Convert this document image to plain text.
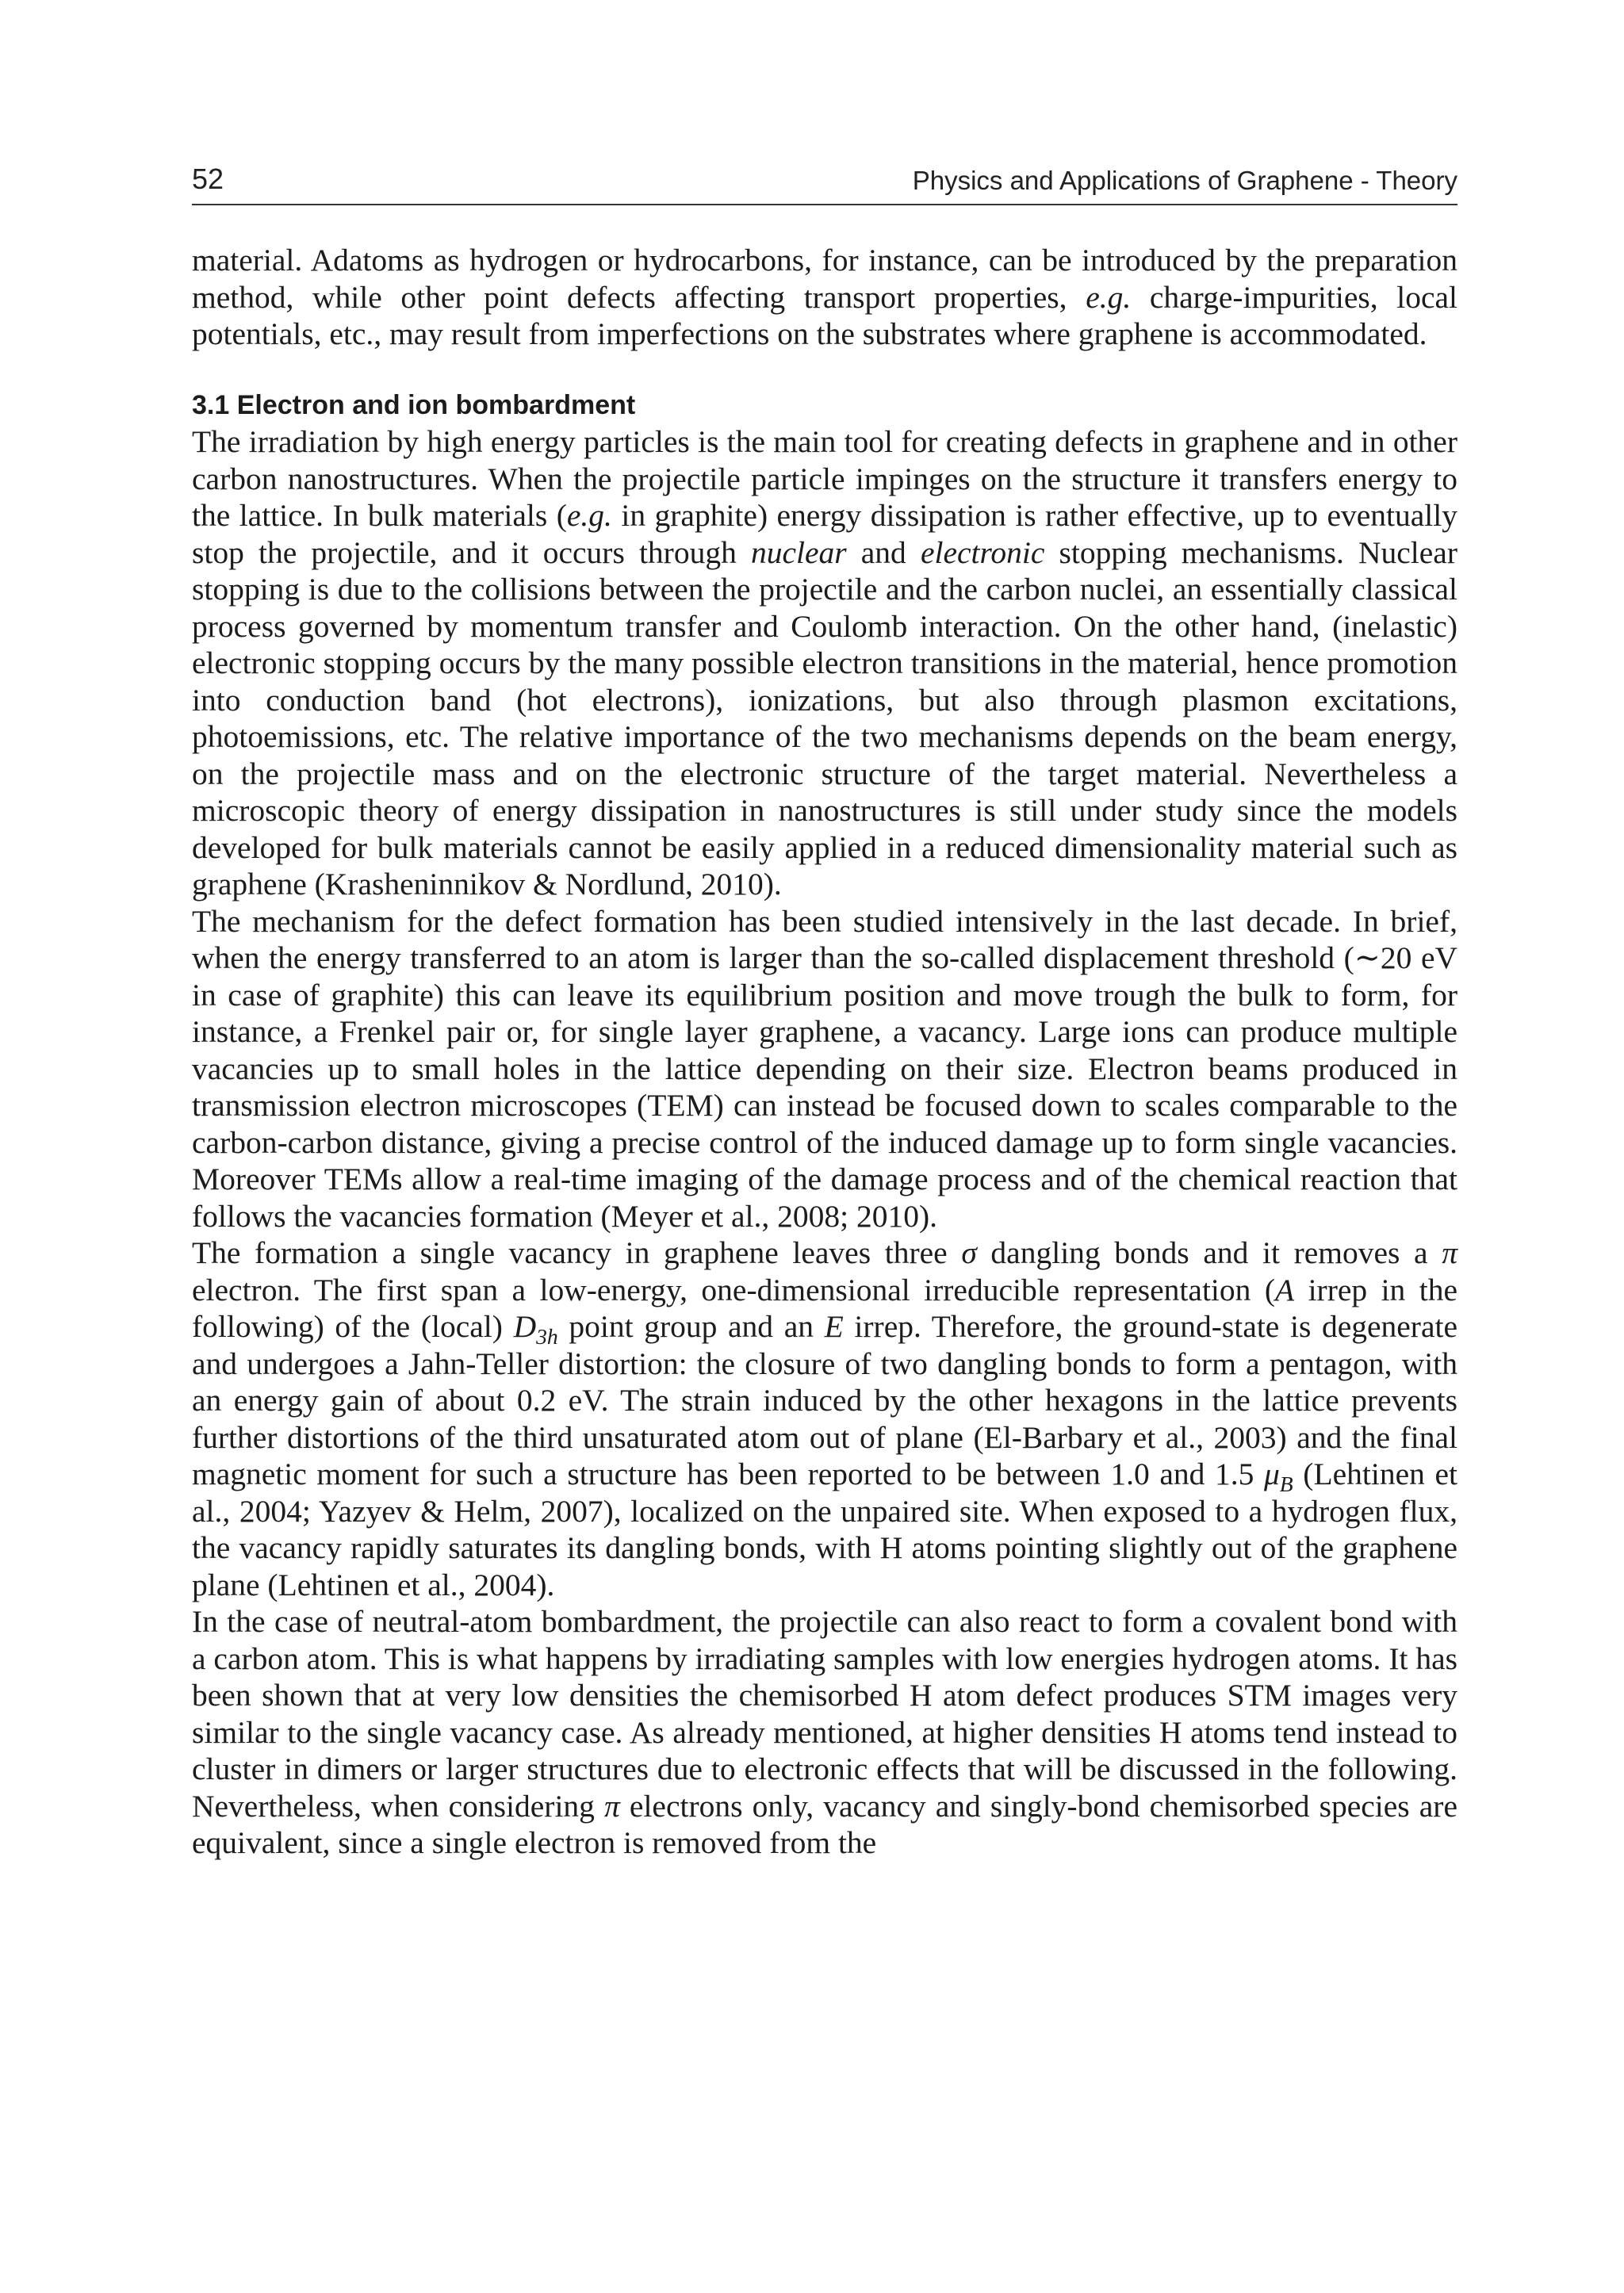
52	Physics and Applications of Graphene - Theory

material. Adatoms as hydrogen or hydrocarbons, for instance, can be introduced by the preparation method, while other point defects affecting transport properties, e.g. charge-impurities, local potentials, etc., may result from imperfections on the substrates where graphene is accommodated.

3.1 Electron and ion bombardment

The irradiation by high energy particles is the main tool for creating defects in graphene and in other carbon nanostructures. When the projectile particle impinges on the structure it transfers energy to the lattice. In bulk materials (e.g. in graphite) energy dissipation is rather effective, up to eventually stop the projectile, and it occurs through nuclear and electronic stopping mechanisms. Nuclear stopping is due to the collisions between the projectile and the carbon nuclei, an essentially classical process governed by momentum transfer and Coulomb interaction. On the other hand, (inelastic) electronic stopping occurs by the many possible electron transitions in the material, hence promotion into conduction band (hot electrons), ionizations, but also through plasmon excitations, photoemissions, etc. The relative importance of the two mechanisms depends on the beam energy, on the projectile mass and on the electronic structure of the target material. Nevertheless a microscopic theory of energy dissipation in nanostructures is still under study since the models developed for bulk materials cannot be easily applied in a reduced dimensionality material such as graphene (Krasheninnikov & Nordlund, 2010).

The mechanism for the defect formation has been studied intensively in the last decade. In brief, when the energy transferred to an atom is larger than the so-called displacement threshold (∼20 eV in case of graphite) this can leave its equilibrium position and move trough the bulk to form, for instance, a Frenkel pair or, for single layer graphene, a vacancy. Large ions can produce multiple vacancies up to small holes in the lattice depending on their size. Electron beams produced in transmission electron microscopes (TEM) can instead be focused down to scales comparable to the carbon-carbon distance, giving a precise control of the induced damage up to form single vacancies. Moreover TEMs allow a real-time imaging of the damage process and of the chemical reaction that follows the vacancies formation (Meyer et al., 2008; 2010).

The formation a single vacancy in graphene leaves three σ dangling bonds and it removes a π electron. The first span a low-energy, one-dimensional irreducible representation (A irrep in the following) of the (local) $D_{3h}$ point group and an E irrep. Therefore, the ground-state is degenerate and undergoes a Jahn-Teller distortion: the closure of two dangling bonds to form a pentagon, with an energy gain of about 0.2 eV. The strain induced by the other hexagons in the lattice prevents further distortions of the third unsaturated atom out of plane (El-Barbary et al., 2003) and the final magnetic moment for such a structure has been reported to be between 1.0 and 1.5 $\mu_B$ (Lehtinen et al., 2004; Yazyev & Helm, 2007), localized on the unpaired site. When exposed to a hydrogen flux, the vacancy rapidly saturates its dangling bonds, with H atoms pointing slightly out of the graphene plane (Lehtinen et al., 2004).

In the case of neutral-atom bombardment, the projectile can also react to form a covalent bond with a carbon atom. This is what happens by irradiating samples with low energies hydrogen atoms. It has been shown that at very low densities the chemisorbed H atom defect produces STM images very similar to the single vacancy case. As already mentioned, at higher densities H atoms tend instead to cluster in dimers or larger structures due to electronic effects that will be discussed in the following. Nevertheless, when considering π electrons only, vacancy and singly-bond chemisorbed species are equivalent, since a single electron is removed from the
